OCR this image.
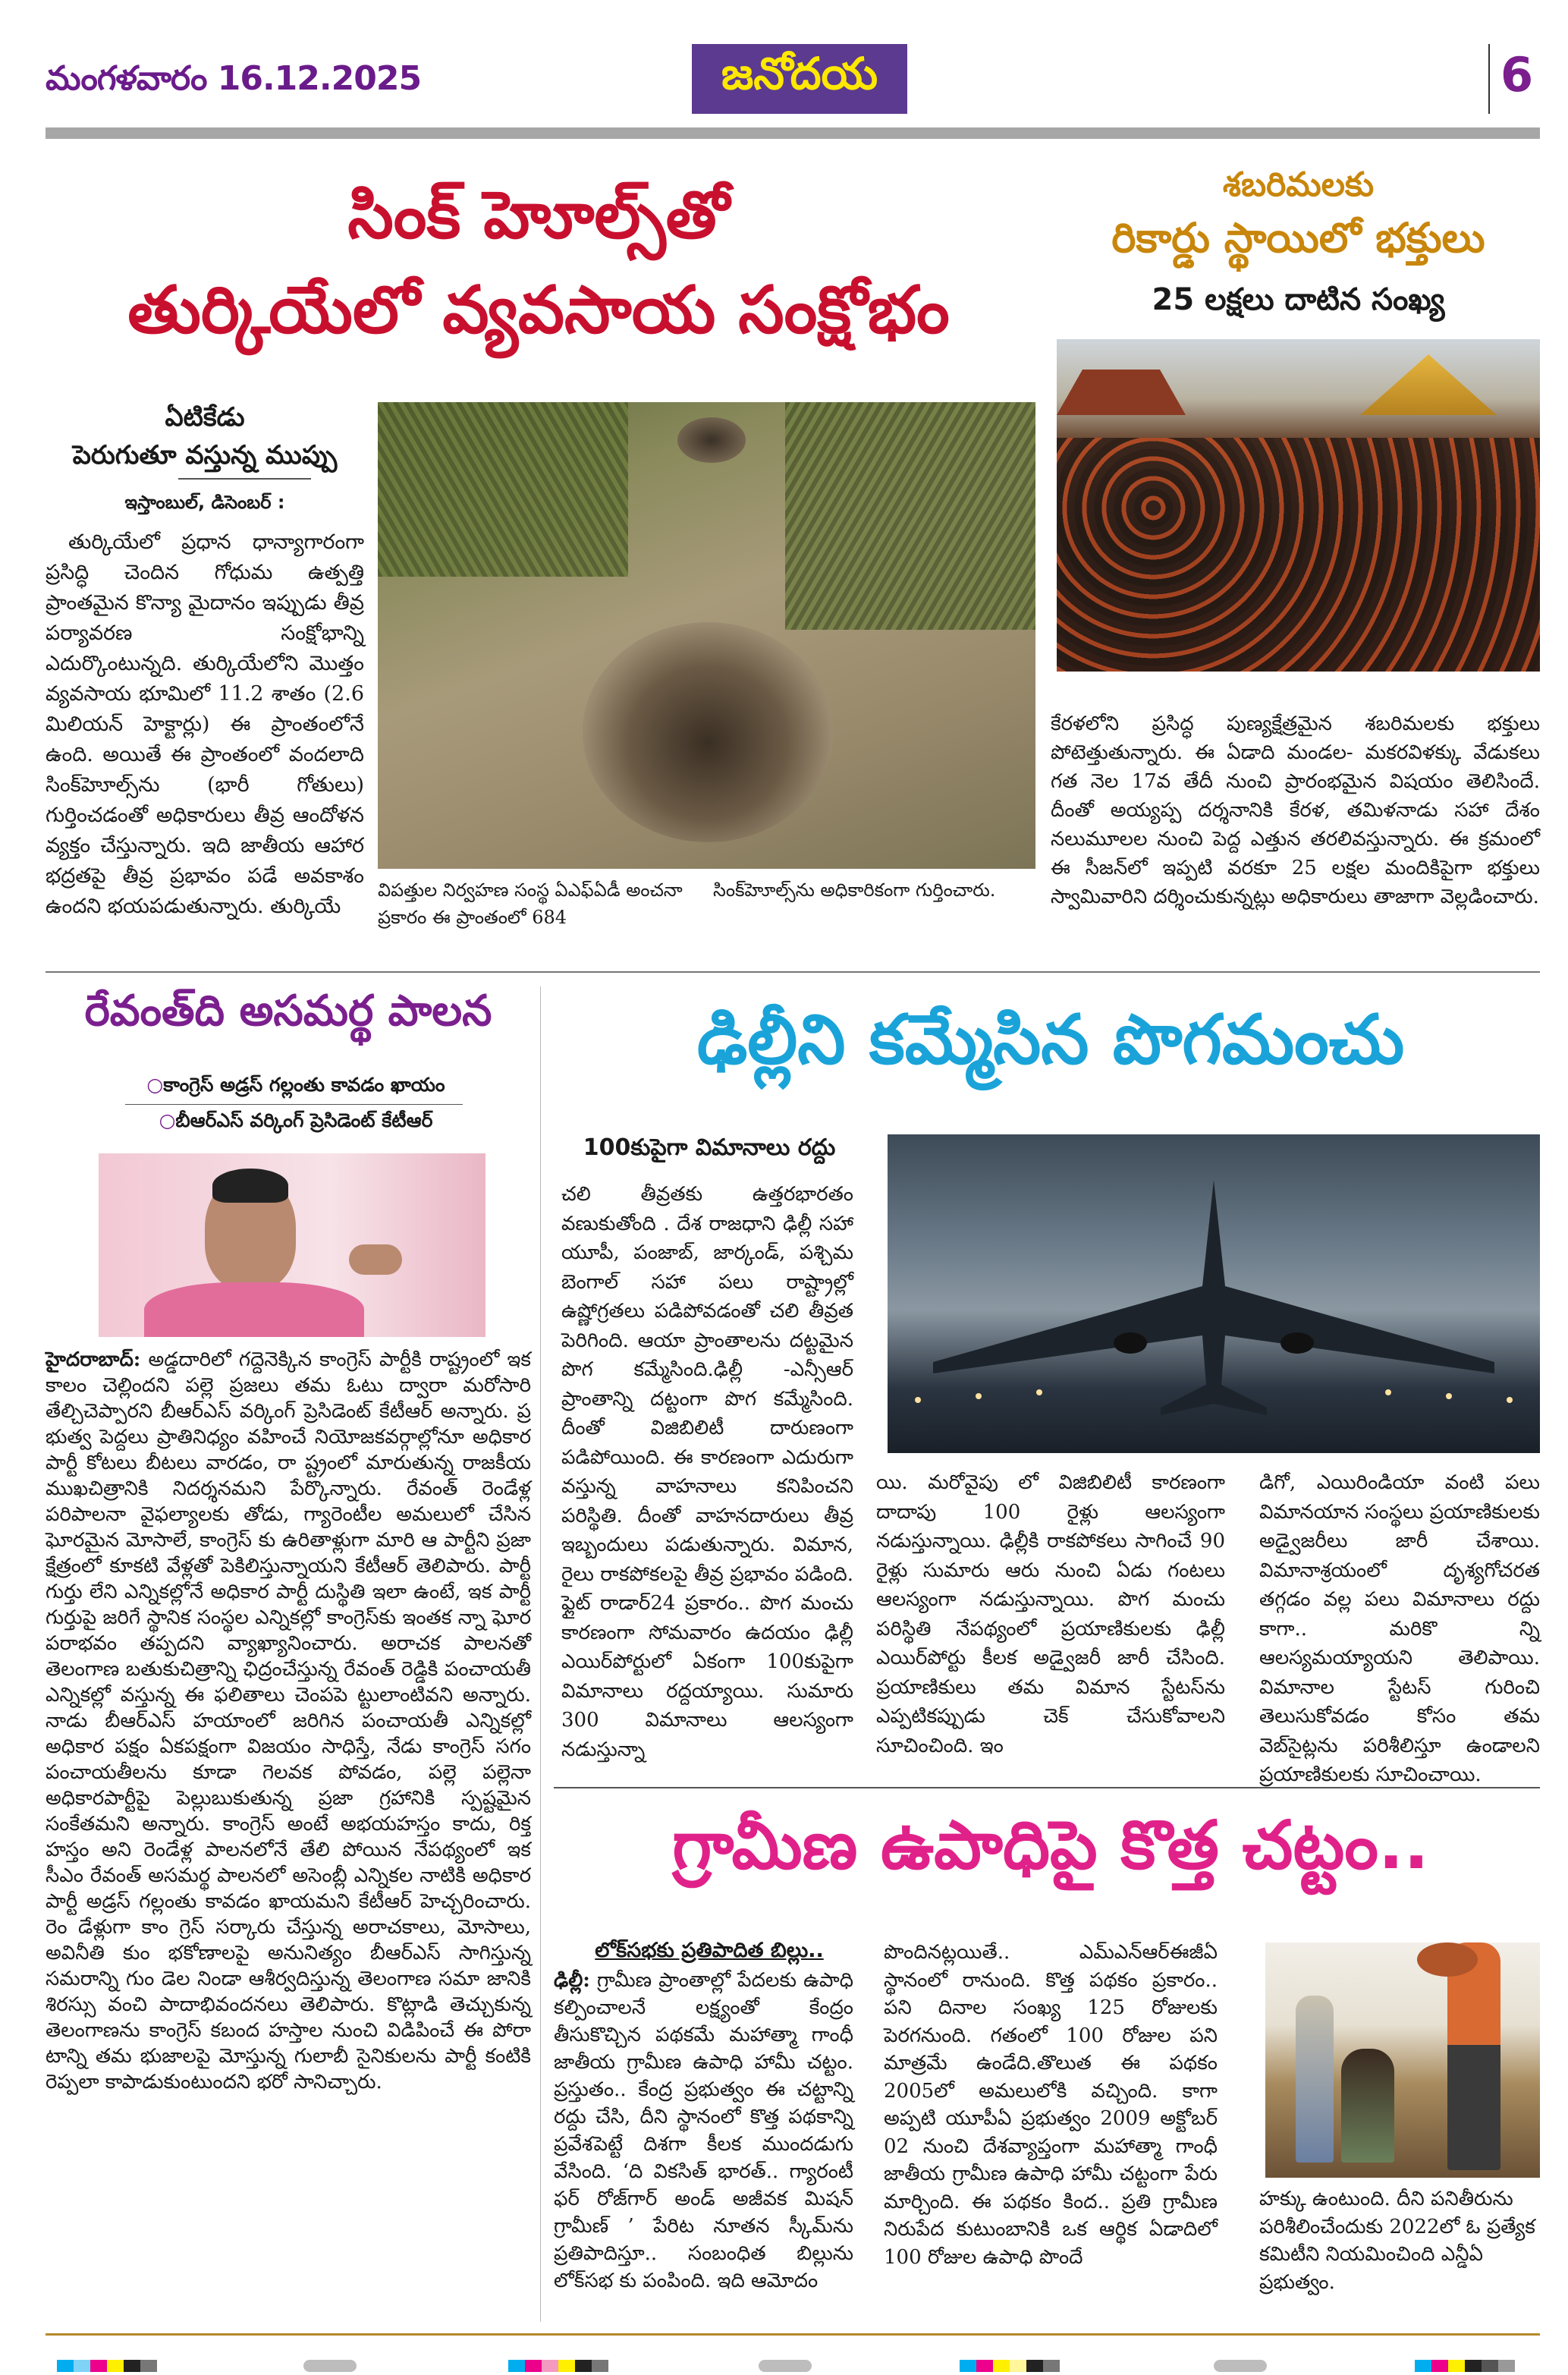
మంగళవారం 16.12.2025	జనోదయ	6
సింక్ హెూల్స్‌తో
తుర్కియేలో వ్యవసాయ సంక్షోభం
ఏటికేడు
పెరుగుతూ వస్తున్న ముప్పు
ఇస్తాంబుల్, డిసెంబర్ :
తుర్కియేలో ప్రధాన ధాన్యాగారంగా ప్రసిద్ధి చెందిన గోధుమ ఉత్పత్తి ప్రాంతమైన కొన్యా మైదానం ఇప్పుడు తీవ్ర పర్యావరణ సంక్షోభాన్ని ఎదుర్కొంటున్నది. తుర్కియేలోని మొత్తం వ్యవసాయ భూమిలో 11.2 శాతం (2.6 మిలియన్ హెక్టార్లు) ఈ ప్రాంతంలోనే ఉంది. అయితే ఈ ప్రాంతంలో వందలాది సింక్‌హెూల్స్‌ను (భారీ గోతులు) గుర్తించడంతో అధికారులు తీవ్ర ఆందోళన వ్యక్తం చేస్తున్నారు. ఇది జాతీయ ఆహార భద్రతపై తీవ్ర ప్రభావం పడే అవకాశం ఉందని భయపడుతున్నారు. తుర్కియే
విపత్తుల నిర్వహణ సంస్థ ఏఎఫ్‌ఏడీ అంచనా ప్రకారం ఈ ప్రాంతంలో 684
సింక్‌హెూల్స్‌ను అధికారికంగా గుర్తించారు.
శబరిమలకు
రికార్డు స్థాయిలో భక్తులు
25 లక్షలు దాటిన సంఖ్య
కేరళలోని ప్రసిద్ధ పుణ్యక్షేత్రమైన శబరిమలకు భక్తులు పోటెత్తుతున్నారు. ఈ ఏడాది మండల- మకరవిళక్కు వేడుకలు గత నెల 17వ తేదీ నుంచి ప్రారంభమైన విషయం తెలిసిందే. దీంతో అయ్యప్ప దర్శనానికి కేరళ, తమిళనాడు సహా దేశం నలుమూలల నుంచి పెద్ద ఎత్తున తరలివస్తున్నారు. ఈ క్రమంలో ఈ సీజన్‌లో ఇప్పటి వరకూ 25 లక్షల మందికిపైగా భక్తులు స్వామివారిని దర్శించుకున్నట్లు అధికారులు తాజాగా వెల్లడించారు.
రేవంత్‌ది అసమర్థ పాలన
○కాంగ్రెస్ అడ్రస్ గల్లంతు కావడం ఖాయం
○బీఆర్ఎస్ వర్కింగ్ ప్రెసిడెంట్ కేటీఆర్
హైదరాబాద్: అడ్డదారిలో గద్దెనెక్కిన కాంగ్రెస్ పార్టీకి రాష్ట్రంలో ఇక కాలం చెల్లిందని పల్లె ప్రజలు తమ ఓటు ద్వారా మరోసారి తేల్చిచెప్పారని బీఆర్ఎస్ వర్కింగ్ ప్రెసిడెంట్ కేటీఆర్ అన్నారు. ప్ర భుత్వ పెద్దలు ప్రాతినిధ్యం వహించే నియోజకవర్గాల్లోనూ అధికార పార్టీ కోటలు బీటలు వారడం, రా ష్ట్రంలో మారుతున్న రాజకీయ ముఖచిత్రానికి నిదర్శనమని పేర్కొన్నారు. రేవంత్ రెండేళ్ల పరిపాలనా వైఫల్యాలకు తోడు, గ్యారెంటీల అమలులో చేసిన ఘోరమైన మోసాలే, కాంగ్రెస్ కు ఉరితాళ్లుగా మారి ఆ పార్టీని ప్రజా క్షేత్రంలో కూకటి వేళ్లతో పెకిలిస్తున్నాయని కేటీఆర్ తెలిపారు. పార్టీ గుర్తు లేని ఎన్నికల్లోనే అధికార పార్టీ దుస్థితి ఇలా ఉంటే, ఇక పార్టీ గుర్తుపై జరిగే స్థానిక సంస్థల ఎన్నికల్లో కాంగ్రెస్‌కు ఇంతక న్నా ఘోర పరాభవం తప్పదని వ్యాఖ్యానించారు. అరాచక పాలనతో తెలంగాణ బతుకుచిత్రాన్ని ఛిద్రంచేస్తున్న రేవంత్ రెడ్డికి పంచాయతీ ఎన్నికల్లో వస్తున్న ఈ ఫలితాలు చెంపపె ట్టులాంటివని అన్నారు. నాడు బీఆర్ఎస్ హయాంలో జరిగిన పంచాయతీ ఎన్నికల్లో అధికార పక్షం ఏకపక్షంగా విజయం సాధిస్తే, నేడు కాంగ్రెస్ సగం పంచాయతీలను కూడా గెలవక పోవడం, పల్లె పల్లెనా అధికారపార్టీపై పెల్లుబుకుతున్న ప్రజా గ్రహానికి స్పష్టమైన సంకేతమని అన్నారు. కాంగ్రెస్ అంటే అభయహస్తం కాదు, రిక్త హస్తం అని రెండేళ్ల పాలనలోనే తేలి పోయిన నేపథ్యంలో ఇక సీఎం రేవంత్ అసమర్థ పాలనలో అసెంబ్లీ ఎన్నికల నాటికి అధికార పార్టీ అడ్రస్ గల్లంతు కావడం ఖాయమని కేటీఆర్ హెచ్చరించారు. రెం డేళ్లుగా కాం గ్రెస్ సర్కారు చేస్తున్న అరాచకాలు, మోసాలు, అవినీతి కుం భకోణాలపై అనునిత్యం బీఆర్ఎస్ సాగిస్తున్న సమరాన్ని గుం డెల నిండా ఆశీర్వదిస్తున్న తెలంగాణ సమా జానికి శిరస్సు వంచి పాదాభివందనలు తెలిపారు. కొట్లాడి తెచ్చుకున్న తెలంగాణను కాంగ్రెస్ కబంద హస్తాల నుంచి విడిపించే ఈ పోరా టాన్ని తమ భుజాలపై మోస్తున్న గులాబీ సైనికులను పార్టీ కంటికి రెప్పలా కాపాడుకుంటుందని భరో సానిచ్చారు.
ఢిల్లీని కమ్మేసిన పొగమంచు
100కుపైగా విమానాలు రద్దు
చలి తీవ్రతకు ఉత్తరభారతం వణుకుతోంది . దేశ రాజధాని ఢిల్లీ సహా యూపీ, పంజాబ్, జార్కండ్, పశ్చిమ బెంగాల్ సహా పలు రాష్ట్రాల్లో ఉష్ణోగ్రతలు పడిపోవడంతో చలి తీవ్రత పెరిగింది. ఆయా ప్రాంతాలను దట్టమైన పొగ కమ్మేసింది.ఢిల్లీ -ఎన్సీఆర్ ప్రాంతాన్ని దట్టంగా పొగ కమ్మేసింది. దీంతో విజిబిలిటీ దారుణంగా పడిపోయింది. ఈ కారణంగా ఎదురుగా వస్తున్న వాహనాలు కనిపించని పరిస్థితి. దీంతో వాహనదారులు తీవ్ర ఇబ్బందులు పడుతున్నారు. విమాన, రైలు రాకపోకలపై తీవ్ర ప్రభావం పడింది. ఫ్లైట్ రాడార్24 ప్రకారం.. పొగ మంచు కారణంగా సోమవారం ఉదయం ఢిల్లీ ఎయిర్‌పోర్టులో ఏకంగా 100కుపైగా విమానాలు రద్దయ్యాయి. సుమారు 300 విమానాలు ఆలస్యంగా నడుస్తున్నా
యి. మరోవైపు లో విజిబిలిటీ కారణంగా దాదాపు 100 రైళ్లు ఆలస్యంగా నడుస్తున్నాయి. ఢిల్లీకి రాకపోకలు సాగించే 90 రైళ్లు సుమారు ఆరు నుంచి ఏడు గంటలు ఆలస్యంగా నడుస్తున్నాయి. పొగ మంచు పరిస్థితి నేపథ్యంలో ప్రయాణికులకు ఢిల్లీ ఎయిర్‌పోర్టు కీలక అడ్వైజరీ జారీ చేసింది. ప్రయాణికులు తమ విమాన స్టేటస్‌ను ఎప్పటికప్పుడు చెక్ చేసుకోవాలని సూచించింది. ఇం
డిగో, ఎయిరిండియా వంటి పలు విమానయాన సంస్థలు ప్రయాణికులకు అడ్వైజరీలు జారీ చేశాయి. విమానాశ్రయంలో దృశ్యగోచరత తగ్గడం వల్ల పలు విమానాలు రద్దు కాగా.. మరికొ న్ని ఆలస్యమయ్యాయని తెలిపాయి. విమానాల స్టేటస్ గురించి తెలుసుకోవడం కోసం తమ వెబ్‌సైట్లను పరిశీలిస్తూ ఉండాలని ప్రయాణికులకు సూచించాయి.
గ్రామీణ ఉపాధిపై కొత్త చట్టం..
లోక్‌సభకు ప్రతిపాదిత బిల్లు..
ఢిల్లీ: గ్రామీణ ప్రాంతాల్లో పేదలకు ఉపాధి కల్పించాలనే లక్ష్యంతో కేంద్రం తీసుకొచ్చిన పథకమే మహాత్మా గాంధీ జాతీయ గ్రామీణ ఉపాధి హామీ చట్టం. ప్రస్తుతం.. కేంద్ర ప్రభుత్వం ఈ చట్టాన్ని రద్దు చేసి, దీని స్థానంలో కొత్త పథకాన్ని ప్రవేశపెట్టే దిశగా కీలక ముందడుగు వేసింది. ‘ది వికసిత్ భారత్.. గ్యారంటీ ఫర్ రోజ్‌గార్ అండ్ అజీవక మిషన్ గ్రామీణ్ ’ పేరిట నూతన స్కీమ్‌ను ప్రతిపాదిస్తూ.. సంబంధిత బిల్లును లోక్‌సభ కు పంపింది. ఇది ఆమోదం
పొందినట్లయితే.. ఎమ్ఎన్ఆర్ఈజీఏ స్థానంలో రానుంది. కొత్త పథకం ప్రకారం.. పని దినాల సంఖ్య 125 రోజులకు పెరగనుంది. గతంలో 100 రోజుల పని మాత్రమే ఉండేది.తొలుత ఈ పథకం 2005లో అమలులోకి వచ్చింది. కాగా అప్పటి యూపీఏ ప్రభుత్వం 2009 అక్టోబర్ 02 నుంచి దేశవ్యాప్తంగా మహాత్మా గాంధీ జాతీయ గ్రామీణ ఉపాధి హామీ చట్టంగా పేరు మార్చింది. ఈ పథకం కింద.. ప్రతి గ్రామీణ నిరుపేద కుటుంబానికి ఒక ఆర్థిక ఏడాదిలో 100 రోజుల ఉపాధి పొందే
హక్కు ఉంటుంది. దీని పనితీరును పరిశీలించేందుకు 2022లో ఓ ప్రత్యేక కమిటీని నియమించింది ఎన్డీఏ ప్రభుత్వం.
